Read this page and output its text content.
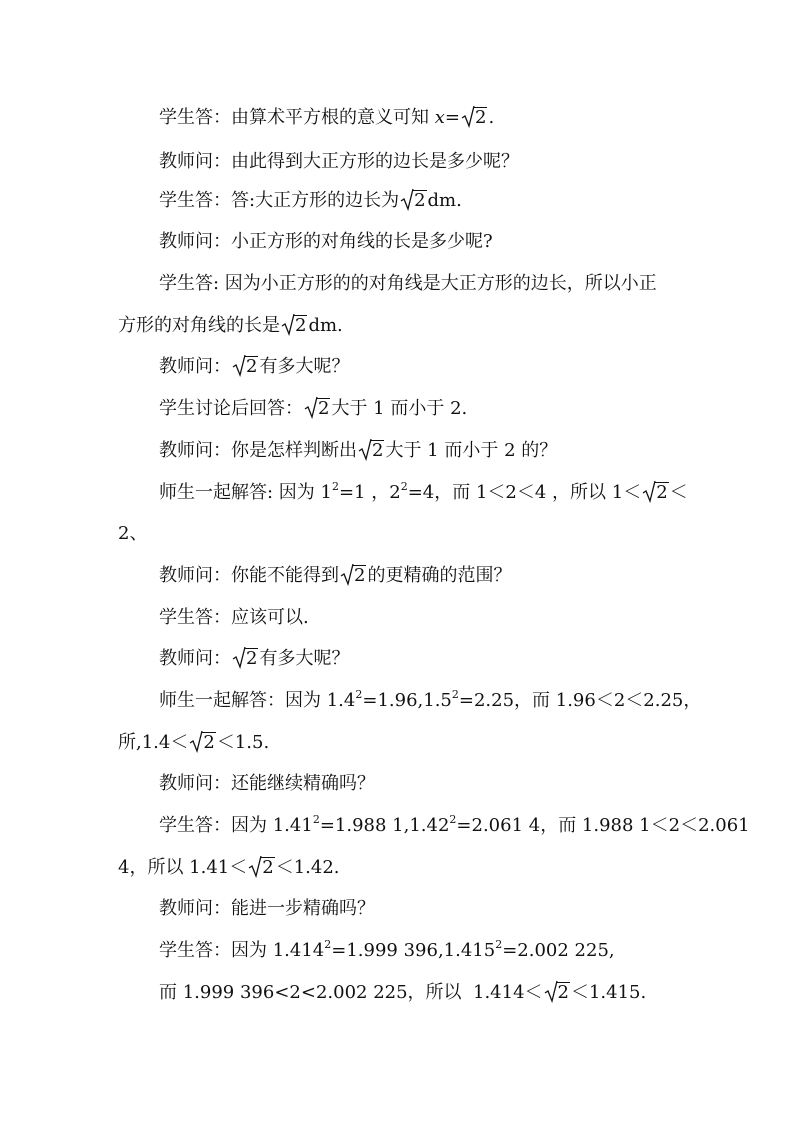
学生答：由算术平方根的意义可知 x= 2 .
教师问：由此得到大正方形的边长是多少呢？
学生答：答:大正方形的边长为 2 dm.
教师问：小正方形的对角线的长是多少呢?
学生答: 因为小正方形的的对角线是大正方形的边长，所以小正
方形的对角线的长是 2 dm.
教师问： 2 有多大呢？
学生讨论后回答： 2 大于 1 而小于 2.
教师问：你是怎样判断出 2 大于 1 而小于 2 的？
师生一起解答: 因为 $1^2=1$ ，$2^2=4$，而 1＜2＜4 ，所以 1＜ 2 ＜
2、
教师问：你能不能得到 2 的更精确的范围？
学生答：应该可以.
教师问： 2 有多大呢？
师生一起解答：因为 $1.4^2=1.96,1.5^2=2.25$，而 1.96＜2＜2.25，
所,1.4＜ 2 ＜1.5.
教师问：还能继续精确吗？
学生答：因为 $1.41^2=1.988$ $1,1.42^2=2.061$ 4，而 1.988 1＜2＜2.061
4，所以 1.41＜ 2 ＜1.42.
教师问：能进一步精确吗？
学生答：因为 $1.414^2=1.999$ $396,1.415^2=2.002$ 225,
而 1.999 396<2<2.002 225，所以  1.414＜ 2 ＜1.415.
